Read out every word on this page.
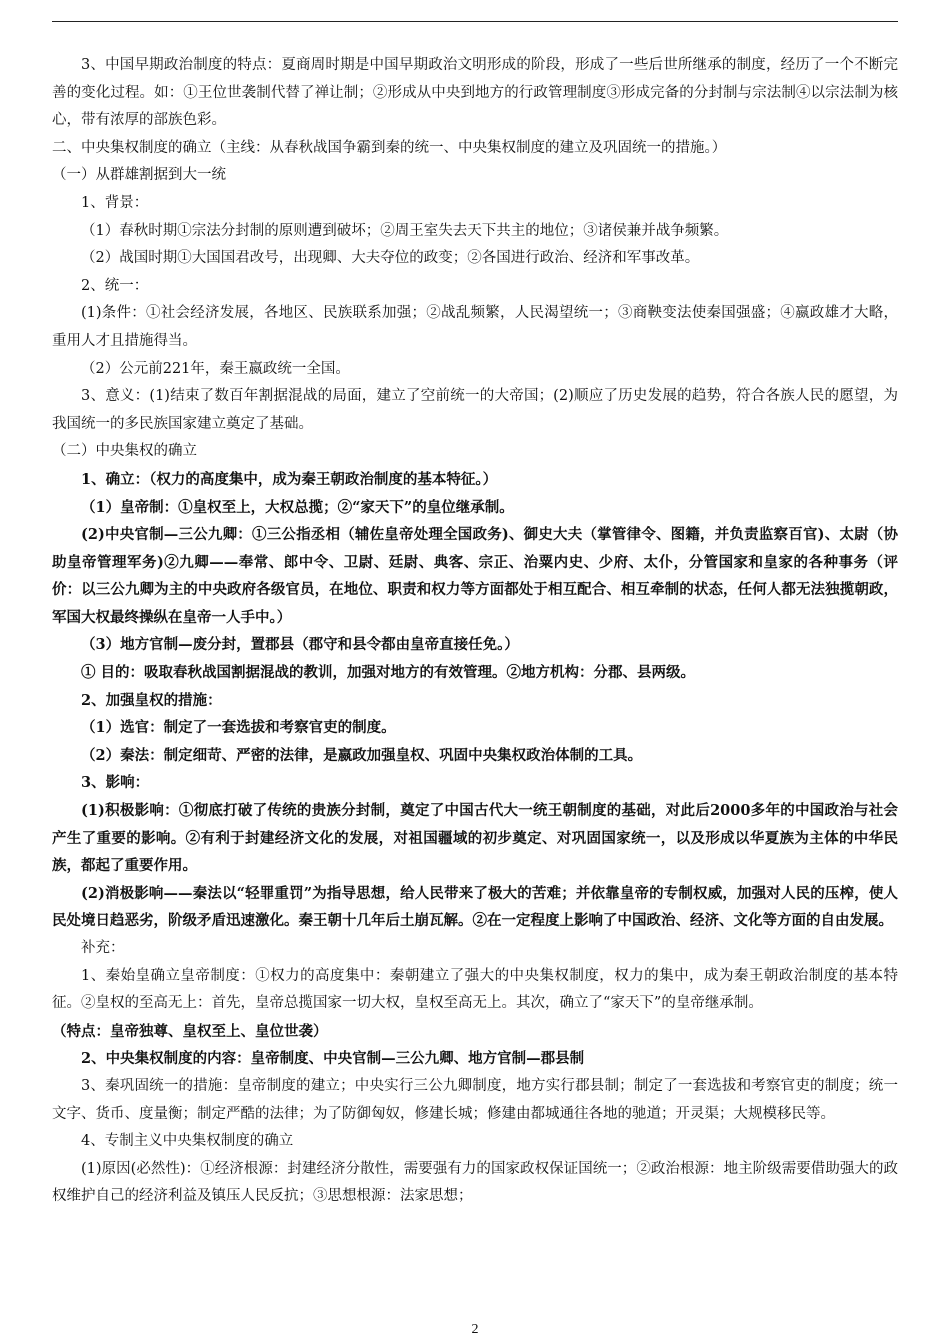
3、中国早期政治制度的特点：夏商周时期是中国早期政治文明形成的阶段，形成了一些后世所继承的制度，经历了一个不断完善的变化过程。如：①王位世袭制代替了禅让制；②形成从中央到地方的行政管理制度③形成完备的分封制与宗法制④以宗法制为核心，带有浓厚的部族色彩。

二、中央集权制度的确立（主线：从春秋战国争霸到秦的统一、中央集权制度的建立及巩固统一的措施。）

（一）从群雄割据到大一统

1、背景：

（1）春秋时期①宗法分封制的原则遭到破坏；②周王室失去天下共主的地位；③诸侯兼并战争频繁。

（2）战国时期①大国国君改号，出现卿、大夫夺位的政变；②各国进行政治、经济和军事改革。

2、统一：

(1)条件：①社会经济发展，各地区、民族联系加强；②战乱频繁，人民渴望统一；③商鞅变法使秦国强盛；④嬴政雄才大略，重用人才且措施得当。

（2）公元前221年，秦王嬴政统一全国。

3、意义：(1)结束了数百年割据混战的局面，建立了空前统一的大帝国；(2)顺应了历史发展的趋势，符合各族人民的愿望，为我国统一的多民族国家建立奠定了基础。

（二）中央集权的确立

1、确立：（权力的高度集中，成为秦王朝政治制度的基本特征。）

（1）皇帝制：①皇权至上，大权总揽；②“家天下”的皇位继承制。

(2)中央官制—三公九卿：①三公指丞相（辅佐皇帝处理全国政务)、御史大夫（掌管律令、图籍，并负责监察百官)、太尉（协助皇帝管理军务)②九卿——奉常、郎中令、卫尉、廷尉、典客、宗正、治粟内史、少府、太仆，分管国家和皇家的各种事务（评价：以三公九卿为主的中央政府各级官员，在地位、职责和权力等方面都处于相互配合、相互牵制的状态，任何人都无法独揽朝政，军国大权最终操纵在皇帝一人手中。）

（3）地方官制—废分封，置郡县（郡守和县令都由皇帝直接任免。）

① 目的：吸取春秋战国割据混战的教训，加强对地方的有效管理。②地方机构：分郡、县两级。

2、加强皇权的措施：

（1）选官：制定了一套选拔和考察官吏的制度。

（2）秦法：制定细苛、严密的法律，是嬴政加强皇权、巩固中央集权政治体制的工具。

3、影响：

(1)积极影响：①彻底打破了传统的贵族分封制，奠定了中国古代大一统王朝制度的基础，对此后2000多年的中国政治与社会产生了重要的影响。②有利于封建经济文化的发展，对祖国疆域的初步奠定、对巩固国家统一，以及形成以华夏族为主体的中华民族，都起了重要作用。

(2)消极影响——秦法以“轻罪重罚”为指导思想，给人民带来了极大的苦难；并依靠皇帝的专制权威，加强对人民的压榨，使人民处境日趋恶劣，阶级矛盾迅速激化。秦王朝十几年后土崩瓦解。②在一定程度上影响了中国政治、经济、文化等方面的自由发展。

补充：

1、秦始皇确立皇帝制度：①权力的高度集中：秦朝建立了强大的中央集权制度，权力的集中，成为秦王朝政治制度的基本特征。②皇权的至高无上：首先，皇帝总揽国家一切大权，皇权至高无上。其次，确立了“家天下”的皇帝继承制。

（特点：皇帝独尊、皇权至上、皇位世袭）

2、中央集权制度的内容：皇帝制度、中央官制—三公九卿、地方官制—郡县制

3、秦巩固统一的措施：皇帝制度的建立；中央实行三公九卿制度，地方实行郡县制；制定了一套选拔和考察官吏的制度；统一文字、货币、度量衡；制定严酷的法律；为了防御匈奴，修建长城；修建由都城通往各地的驰道；开灵渠；大规模移民等。

4、专制主义中央集权制度的确立

(1)原因(必然性)：①经济根源：封建经济分散性，需要强有力的国家政权保证国统一；②政治根源：地主阶级需要借助强大的政权维护自己的经济利益及镇压人民反抗；③思想根源：法家思想；

2
